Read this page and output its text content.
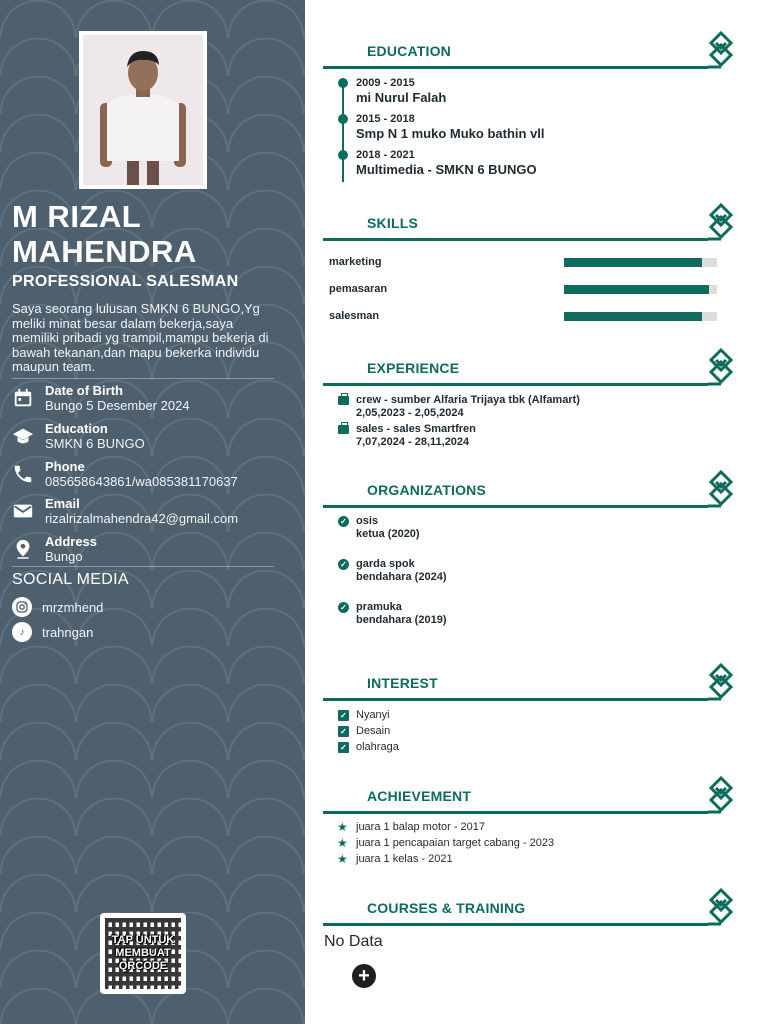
M RIZAL
MAHENDRA
PROFESSIONAL SALESMAN
Saya seorang lulusan SMKN 6 BUNGO,Yg meliki minat besar dalam bekerja,saya memiliki pribadi yg trampil,mampu bekerja di bawah tekanan,dan mapu bekerka individu maupun team.
Date of Birth
Bungo 5 Desember 2024
Education
SMKN 6 BUNGO
Phone
085658643861/wa085381170637
Email
rizalrizalmahendra42@gmail.com
Address
Bungo
SOCIAL MEDIA
mrzmhend
♪	trahngan
TAP UNTUK MEMBUAT QRCODE
EDUCATION
2009 - 2015
mi Nurul Falah
2015 - 2018
Smp N 1 muko Muko bathin vll
2018 - 2021
Multimedia - SMKN 6 BUNGO
SKILLS
marketing
pemasaran
salesman
EXPERIENCE
crew - sumber Alfaria Trijaya tbk (Alfamart)
2,05,2023 - 2,05,2024
sales - sales Smartfren
7,07,2024 - 28,11,2024
ORGANIZATIONS
✓ osis
ketua (2020)
✓ garda spok
bendahara (2024)
✓ pramuka
bendahara (2019)
INTEREST
✓ Nyanyi
✓ Desain
✓ olahraga
ACHIEVEMENT
★ juara 1 balap motor - 2017
★ juara 1 pencapaian target cabang - 2023
★ juara 1 kelas - 2021
COURSES & TRAINING
No Data
+
